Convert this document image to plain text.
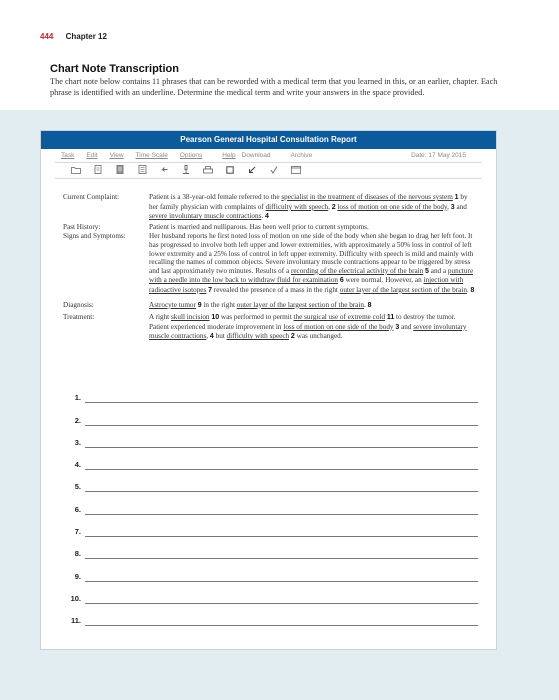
444 Chapter 12
Chart Note Transcription
The chart note below contains 11 phrases that can be reworded with a medical term that you learned in this, or an earlier, chapter. Each phrase is identified with an underline. Determine the medical term and write your answers in the space provided.
Pearson General Hospital Consultation Report
Task Edit View Time Scale Options	Help Download	Archive	Date: 17 May 2015
Current Complaint:	Patient is a 38-year-old female referred to the specialist in the treatment of diseases of the nervous system 1 by her family physician with complaints of difficulty with speech, 2 loss of motion on one side of the body, 3 and severe involuntary muscle contractions. 4
Past History:	Patient is married and nulliparous. Has been well prior to current symptoms.
Signs and Symptoms:	Her husband reports he first noted loss of motion on one side of the body when she began to drag her left foot. It has progressed to involve both left upper and lower extremities, with approximately a 50% loss in control of left lower extremity and a 25% loss of control in left upper extremity. Difficulty with speech is mild and mainly with recalling the names of common objects. Severe involuntary muscle contractions appear to be triggered by stress and last approximately two minutes. Results of a recording of the electrical activity of the brain 5 and a puncture with a needle into the low back to withdraw fluid for examination 6 were normal. However, an injection with radioactive isotopes 7 revealed the presence of a mass in the right outer layer of the largest section of the brain. 8
Diagnosis:	Astrocyte tumor 9 in the right outer layer of the largest section of the brain. 8
Treatment:	A right skull incision 10 was performed to permit the surgical use of extreme cold 11 to destroy the tumor. Patient experienced moderate improvement in loss of motion on one side of the body 3 and severe involuntary muscle contractions, 4 but difficulty with speech 2 was unchanged.
1.
2.
3.
4.
5.
6.
7.
8.
9.
10.
11.
